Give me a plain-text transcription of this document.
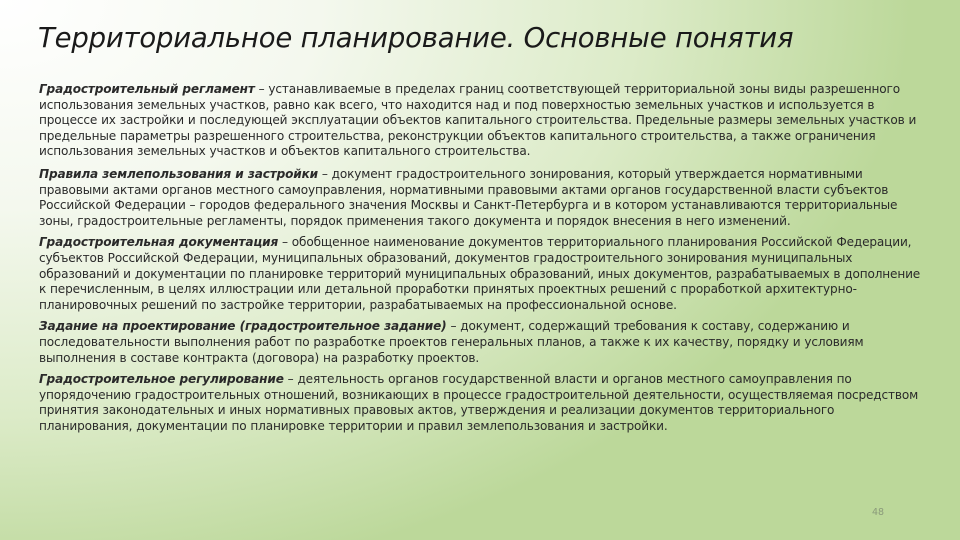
Территориальное планирование. Основные понятия

Градостроительный регламент – устанавливаемые в пределах границ соответствующей территориальной зоны виды разрешенного использования земельных участков, равно как всего, что находится над и под поверхностью земельных участков и используется в процессе их застройки и последующей эксплуатации объектов капитального строительства. Предельные размеры земельных участков и предельные параметры разрешенного строительства, реконструкции объектов капитального строительства, а также ограничения использования земельных участков и объектов капитального строительства.

Правила землепользования и застройки – документ градостроительного зонирования, который утверждается нормативными правовыми актами органов местного самоуправления, нормативными правовыми актами органов государственной власти субъектов Российской Федерации – городов федерального значения Москвы и Санкт-Петербурга и в котором устанавливаются территориальные зоны, градостроительные регламенты, порядок применения такого документа и порядок внесения в него изменений.

Градостроительная документация – обобщенное наименование документов территориального планирования Российской Федерации, субъектов Российской Федерации, муниципальных образований, документов градостроительного зонирования муниципальных образований и документации по планировке территорий муниципальных образований, иных документов, разрабатываемых в дополнение к перечисленным, в целях иллюстрации или детальной проработки принятых проектных решений с проработкой архитектурно-планировочных решений по застройке территории, разрабатываемых на профессиональной основе.

Задание на проектирование (градостроительное задание) – документ, содержащий требования к составу, содержанию и последовательности выполнения работ по разработке проектов генеральных планов, а также к их качеству, порядку и условиям выполнения в составе контракта (договора) на разработку проектов.

Градостроительное регулирование – деятельность органов государственной власти и органов местного самоуправления по упорядочению градостроительных отношений, возникающих в процессе градостроительной деятельности, осуществляемая посредством принятия законодательных и иных нормативных правовых актов, утверждения и реализации документов территориального планирования, документации по планировке территории и правил землепользования и застройки.

48
